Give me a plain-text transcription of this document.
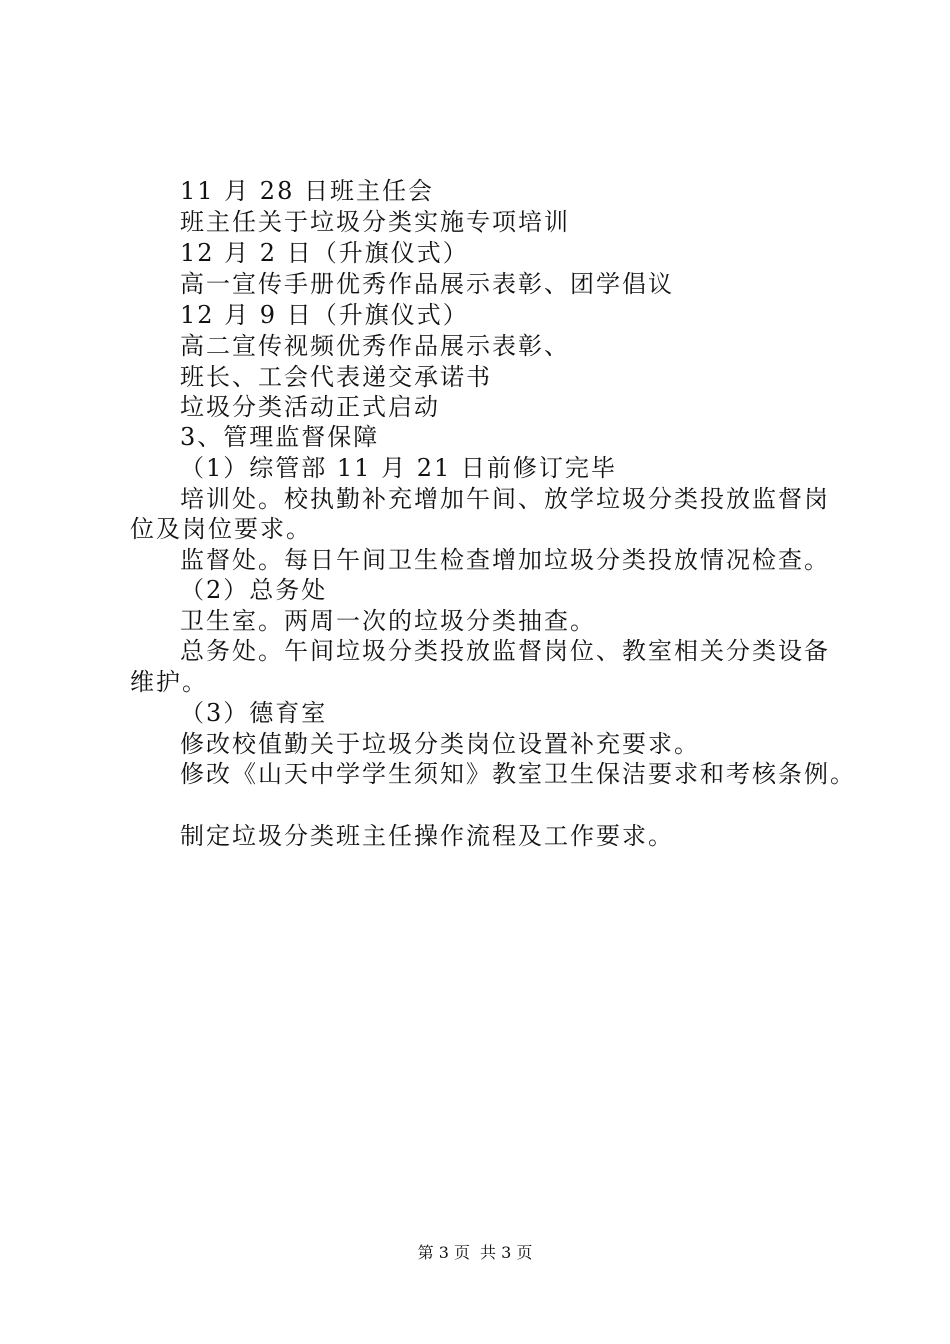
11 月 28 日班主任会
班主任关于垃圾分类实施专项培训
12 月 2 日（升旗仪式）
高一宣传手册优秀作品展示表彰、团学倡议
12 月 9 日（升旗仪式）
高二宣传视频优秀作品展示表彰、
班长、工会代表递交承诺书
垃圾分类活动正式启动
3、管理监督保障
（1）综管部 11 月 21 日前修订完毕
培训处。校执勤补充增加午间、放学垃圾分类投放监督岗
位及岗位要求。
监督处。每日午间卫生检查增加垃圾分类投放情况检查。
（2）总务处
卫生室。两周一次的垃圾分类抽查。
总务处。午间垃圾分类投放监督岗位、教室相关分类设备
维护。
（3）德育室
修改校值勤关于垃圾分类岗位设置补充要求。
修改《山天中学学生须知》教室卫生保洁要求和考核条例。
制定垃圾分类班主任操作流程及工作要求。
第 3 页 共 3 页
